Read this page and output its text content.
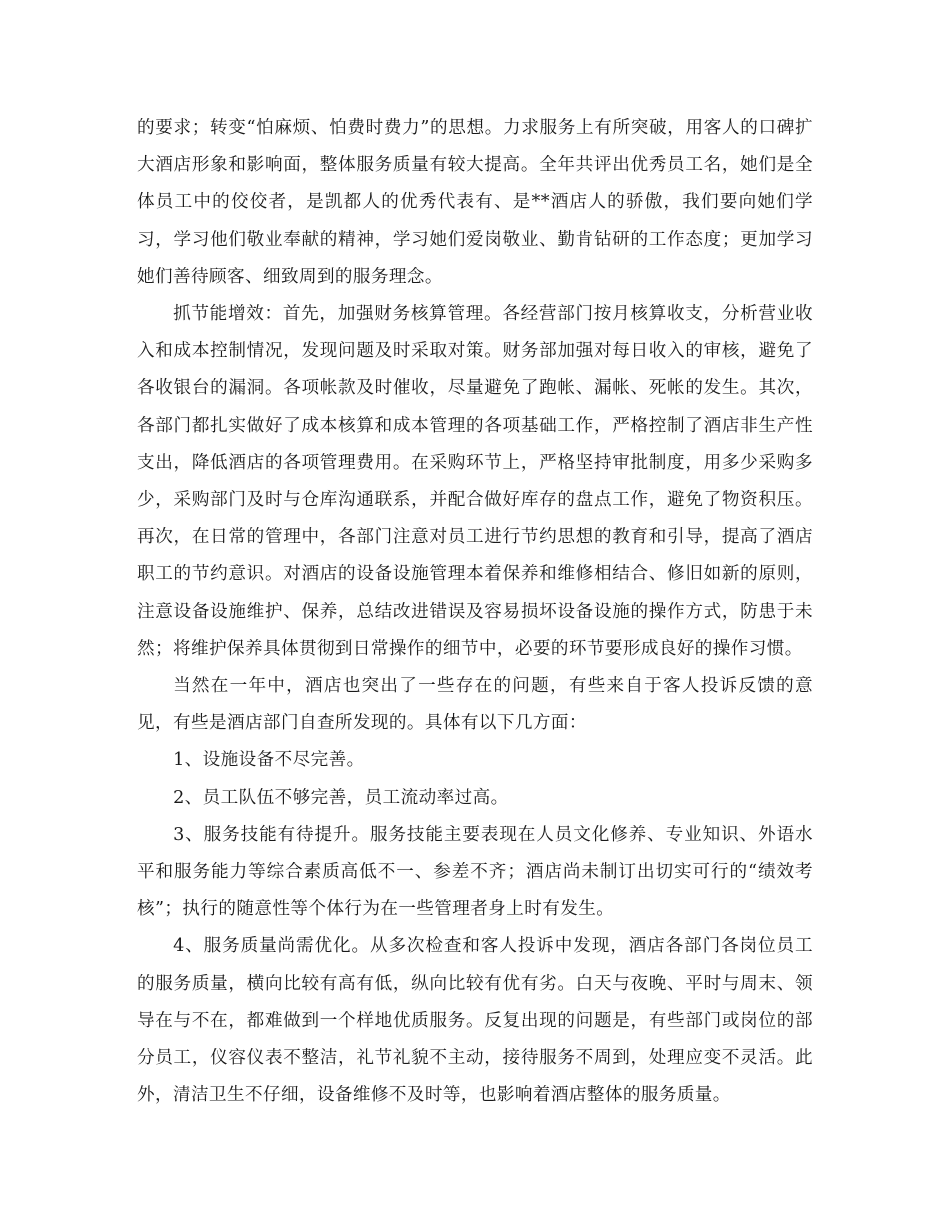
的要求；转变“怕麻烦、怕费时费力”的思想。力求服务上有所突破，用客人的口碑扩大酒店形象和影响面，整体服务质量有较大提高。全年共评出优秀员工名，她们是全体员工中的佼佼者，是凯都人的优秀代表有、是**酒店人的骄傲，我们要向她们学习，学习他们敬业奉献的精神，学习她们爱岗敬业、勤肯钻研的工作态度；更加学习她们善待顾客、细致周到的服务理念。

抓节能增效：首先，加强财务核算管理。各经营部门按月核算收支，分析营业收入和成本控制情况，发现问题及时采取对策。财务部加强对每日收入的审核，避免了各收银台的漏洞。各项帐款及时催收，尽量避免了跑帐、漏帐、死帐的发生。其次，各部门都扎实做好了成本核算和成本管理的各项基础工作，严格控制了酒店非生产性支出，降低酒店的各项管理费用。在采购环节上，严格坚持审批制度，用多少采购多少，采购部门及时与仓库沟通联系，并配合做好库存的盘点工作，避免了物资积压。再次，在日常的管理中，各部门注意对员工进行节约思想的教育和引导，提高了酒店职工的节约意识。对酒店的设备设施管理本着保养和维修相结合、修旧如新的原则，注意设备设施维护、保养，总结改进错误及容易损坏设备设施的操作方式，防患于未然；将维护保养具体贯彻到日常操作的细节中，必要的环节要形成良好的操作习惯。

当然在一年中，酒店也突出了一些存在的问题，有些来自于客人投诉反馈的意见，有些是酒店部门自查所发现的。具体有以下几方面：

1、设施设备不尽完善。

2、员工队伍不够完善，员工流动率过高。

3、服务技能有待提升。服务技能主要表现在人员文化修养、专业知识、外语水平和服务能力等综合素质高低不一、参差不齐；酒店尚未制订出切实可行的“绩效考核”；执行的随意性等个体行为在一些管理者身上时有发生。

4、服务质量尚需优化。从多次检查和客人投诉中发现，酒店各部门各岗位员工的服务质量，横向比较有高有低，纵向比较有优有劣。白天与夜晚、平时与周末、领导在与不在，都难做到一个样地优质服务。反复出现的问题是，有些部门或岗位的部分员工，仪容仪表不整洁，礼节礼貌不主动，接待服务不周到，处理应变不灵活。此外，清洁卫生不仔细，设备维修不及时等，也影响着酒店整体的服务质量。
